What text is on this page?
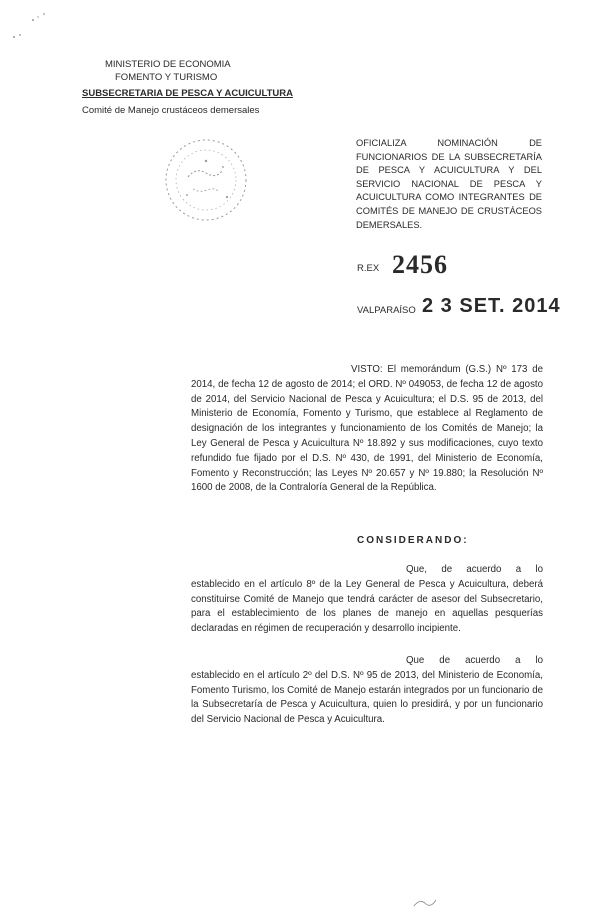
MINISTERIO DE ECONOMIA
FOMENTO Y TURISMO
SUBSECRETARIA DE PESCA Y ACUICULTURA
Comité de Manejo crustáceos demersales
OFICIALIZA NOMINACIÓN DE FUNCIONARIOS DE LA SUBSECRETARÍA DE PESCA Y ACUICULTURA Y DEL SERVICIO NACIONAL DE PESCA Y ACUICULTURA COMO INTEGRANTES DE COMITÉS DE MANEJO DE CRUSTÁCEOS DEMERSALES.
R.EX 2456
VALPARAÍSO 2 3 SET. 2014
VISTO: El memorándum (G.S.) Nº 173 de 2014, de fecha 12 de agosto de 2014; el ORD. Nº 049053, de fecha 12 de agosto de 2014, del Servicio Nacional de Pesca y Acuicultura; el D.S. 95 de 2013, del Ministerio de Economía, Fomento y Turismo, que establece al Reglamento de designación de los integrantes y funcionamiento de los Comités de Manejo; la Ley General de Pesca y Acuicultura Nº 18.892 y sus modificaciones, cuyo texto refundido fue fijado por el D.S. Nº 430, de 1991, del Ministerio de Economía, Fomento y Reconstrucción; las Leyes Nº 20.657 y Nº 19.880; la Resolución Nº 1600 de 2008, de la Contraloría General de la República.
CONSIDERANDO:
Que, de acuerdo a lo establecido en el artículo 8º de la Ley General de Pesca y Acuicultura, deberá constituirse Comité de Manejo que tendrá carácter de asesor del Subsecretario, para el establecimiento de los planes de manejo en aquellas pesquerías declaradas en régimen de recuperación y desarrollo incipiente.
Que de acuerdo a lo establecido en el artículo 2º del D.S. Nº 95 de 2013, del Ministerio de Economía, Fomento Turismo, los Comité de Manejo estarán integrados por un funcionario de la Subsecretaría de Pesca y Acuicultura, quien lo presidirá, y por un funcionario del Servicio Nacional de Pesca y Acuicultura.
